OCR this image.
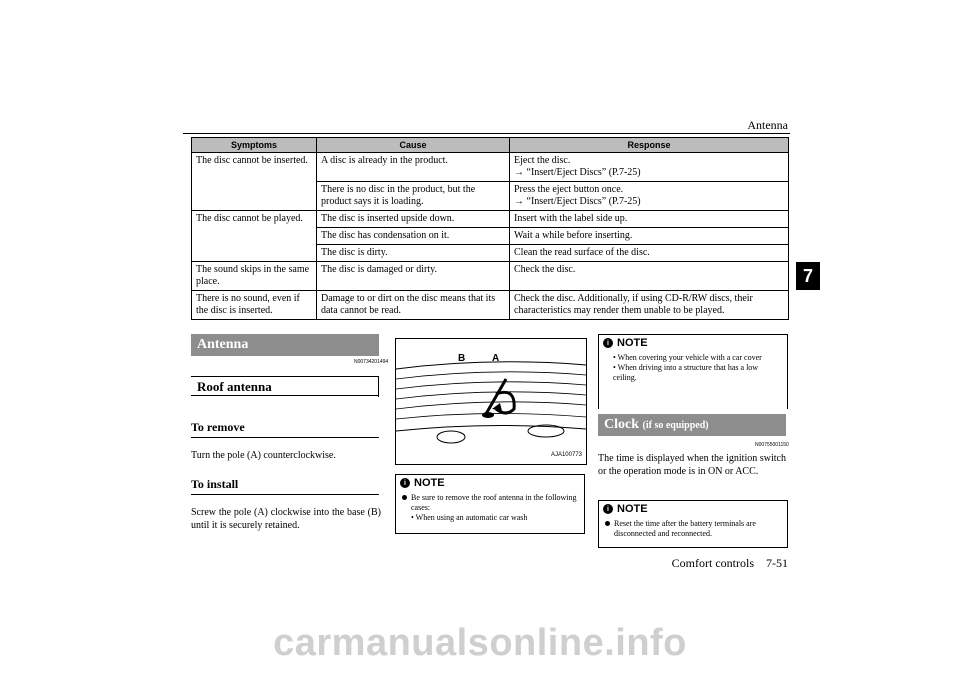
Antenna
7
Symptoms	Cause	Response
The disc cannot be inserted.	A disc is already in the product.	Eject the disc.
→ “Insert/Eject Discs” (P.7-25)

	There is no disc in the product, but the product says it is loading.	Press the eject button once.
→ “Insert/Eject Discs” (P.7-25)

The disc cannot be played.	The disc is inserted upside down.	Insert with the label side up.

	The disc has condensation on it.	Wait a while before inserting.

	The disc is dirty.	Clean the read surface of the disc.

The sound skips in the same place.	The disc is damaged or dirty.	Check the disc.

There is no sound, even if the disc is inserted.	Damage to or dirt on the disc means that its data cannot be read.	Check the disc. Additionally, if using CD-R/RW discs, their characteristics may render them unable to be played.
Antenna
N00734201494
Roof antenna
To remove
Turn the pole (A) counterclockwise.
To install
Screw the pole (A) clockwise into the base (B) until it is securely retained.
B	A
AJA100773
i NOTE
Be sure to remove the roof antenna in the following cases:
• When using an automatic car wash
i NOTE
• When covering your vehicle with a car cover
• When driving into a structure that has a low ceiling.
Clock (if so equipped)
N00755001150
The time is displayed when the ignition switch or the operation mode is in ON or ACC.
i NOTE
Reset the time after the battery terminals are disconnected and reconnected.
Comfort controls    7-51
carmanualsonline.info
